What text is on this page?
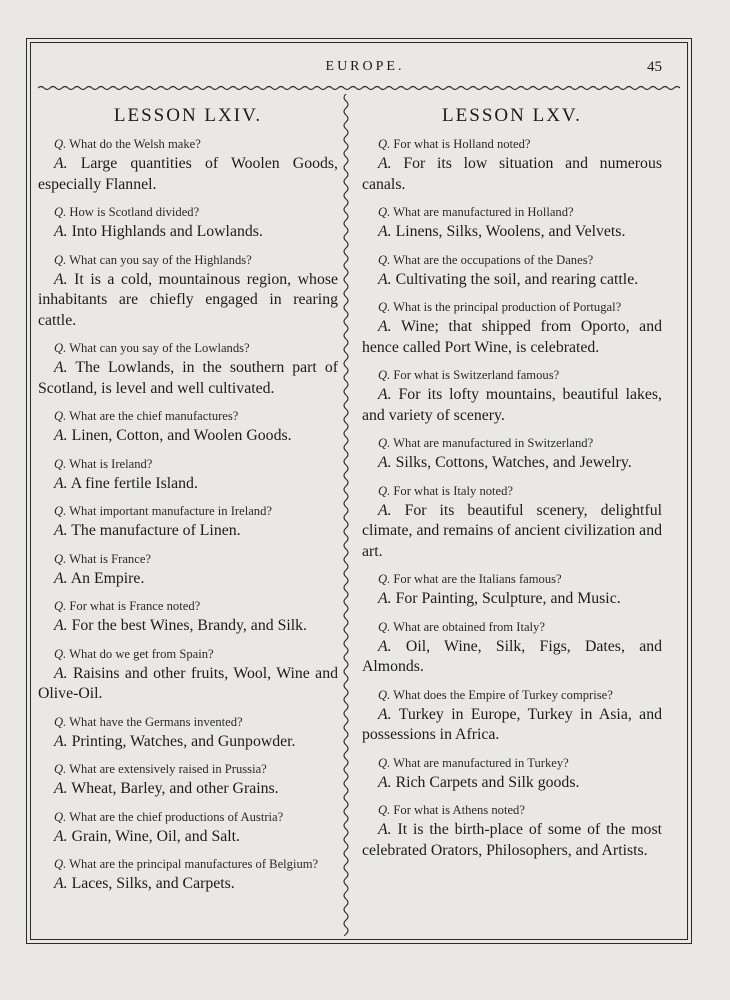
EUROPE.	45
LESSON LXIV.

Q. What do the Welsh make?

A. Large quantities of Woolen Goods, especially Flannel.

Q. How is Scotland divided?

A. Into Highlands and Lowlands.

Q. What can you say of the Highlands?

A. It is a cold, mountainous region, whose inhabitants are chiefly engaged in rearing cattle.

Q. What can you say of the Lowlands?

A. The Lowlands, in the southern part of Scotland, is level and well cultivated.

Q. What are the chief manufactures?

A. Linen, Cotton, and Woolen Goods.

Q. What is Ireland?

A. A fine fertile Island.

Q. What important manufacture in Ireland?

A. The manufacture of Linen.

Q. What is France?

A. An Empire.

Q. For what is France noted?

A. For the best Wines, Brandy, and Silk.

Q. What do we get from Spain?

A. Raisins and other fruits, Wool, Wine and Olive-Oil.

Q. What have the Germans invented?

A. Printing, Watches, and Gunpowder.

Q. What are extensively raised in Prussia?

A. Wheat, Barley, and other Grains.

Q. What are the chief productions of Austria?

A. Grain, Wine, Oil, and Salt.

Q. What are the principal manufactures of Belgium?

A. Laces, Silks, and Carpets.

LESSON LXV.

Q. For what is Holland noted?

A. For its low situation and numerous canals.

Q. What are manufactured in Holland?

A. Linens, Silks, Woolens, and Velvets.

Q. What are the occupations of the Danes?

A. Cultivating the soil, and rearing cattle.

Q. What is the principal production of Portugal?

A. Wine; that shipped from Oporto, and hence called Port Wine, is celebrated.

Q. For what is Switzerland famous?

A. For its lofty mountains, beautiful lakes, and variety of scenery.

Q. What are manufactured in Switzerland?

A. Silks, Cottons, Watches, and Jewelry.

Q. For what is Italy noted?

A. For its beautiful scenery, delightful climate, and remains of ancient civilization and art.

Q. For what are the Italians famous?

A. For Painting, Sculpture, and Music.

Q. What are obtained from Italy?

A. Oil, Wine, Silk, Figs, Dates, and Almonds.

Q. What does the Empire of Turkey comprise?

A. Turkey in Europe, Turkey in Asia, and possessions in Africa.

Q. What are manufactured in Turkey?

A. Rich Carpets and Silk goods.

Q. For what is Athens noted?

A. It is the birth-place of some of the most celebrated Orators, Philosophers, and Artists.
